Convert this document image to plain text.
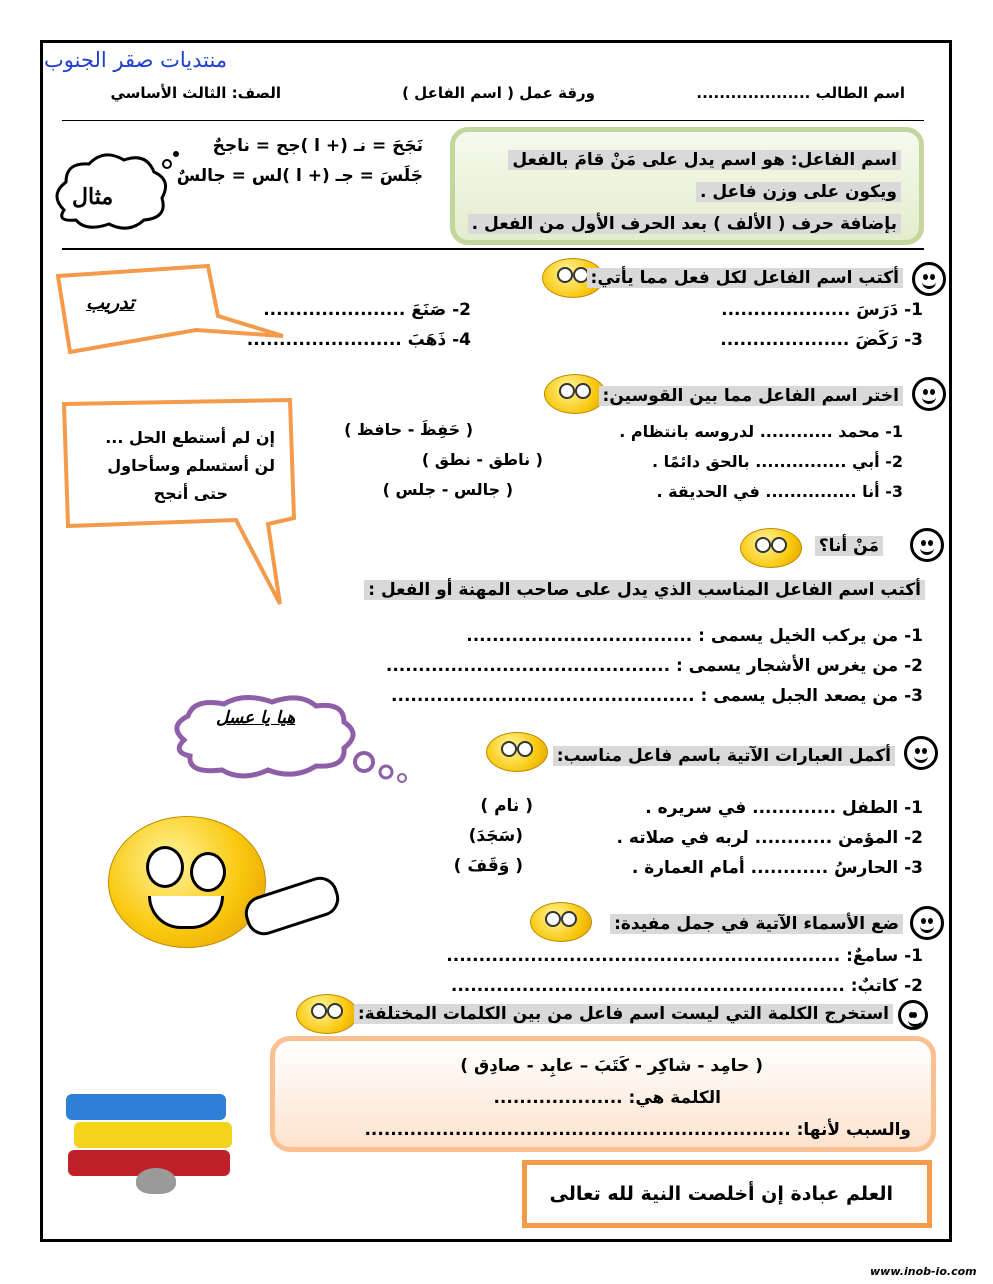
منتديات صقر الجنوب
اسم الطالب ....................
ورقة عمل ( اسم الفاعل )
الصف: الثالث الأساسي
اسم الفاعل: هو اسم يدل على مَنْ قامَ بالفعل
ويكون على وزن فاعل .
بإضافة حرف ( الألف ) بعد الحرف الأول من الفعل .
نَجَحَ = نـ (+ ا )جح = ناجحٌ
جَلَسَ = جـ (+ ا )لس = جالسٌ
مثال
أكتب اسم الفاعل لكل فعل مما يأتي:
1- دَرَسَ ....................
2- صَنَعَ ......................
3- رَكَضَ ....................
4- ذَهَبَ ........................
تدريب
اختر اسم الفاعل مما بين القوسين:
1- محمد ............ لدروسه بانتظام .
( حَفِظَ - حافظ )
2- أبي ............... بالحق دائمًا .
( ناطق - نطق )
3- أنا ............... في الحديقة .
( جالس - جلس )
إن لم أستطع الحل ...
لن أستسلم وسأحاول
حتى أنجح
مَنْ أنا؟
أكتب اسم الفاعل المناسب الذي يدل على صاحب المهنة أو الفعل :
1- من يركب الخيل يسمى : ...................................
2- من يغرس الأشجار يسمى : ............................................
3- من يصعد الجبل يسمى : ...............................................
هيا يا عسل
أكمل العبارات الآتية باسم فاعل مناسب:
1- الطفل ............. في سريره .
( نام )
2- المؤمن ............ لربه في صلاته .
(سَجَدَ)
3- الحارسُ ............ أمام العمارة .
( وَقَفَ )
ضع الأسماء الآتية في جمل مفيدة:
1- سامعٌ: .............................................................
2- كاتبٌ: .............................................................
استخرج الكلمة التي ليست اسم فاعل من بين الكلمات المختلفة:
( حامِد - شاكِر - كَتَبَ – عابِد - صادِق )
الكلمة هي: ....................
والسبب لأنها: ..................................................................
العلم عبادة إن أخلصت النية لله تعالى
www.inob-io.com
